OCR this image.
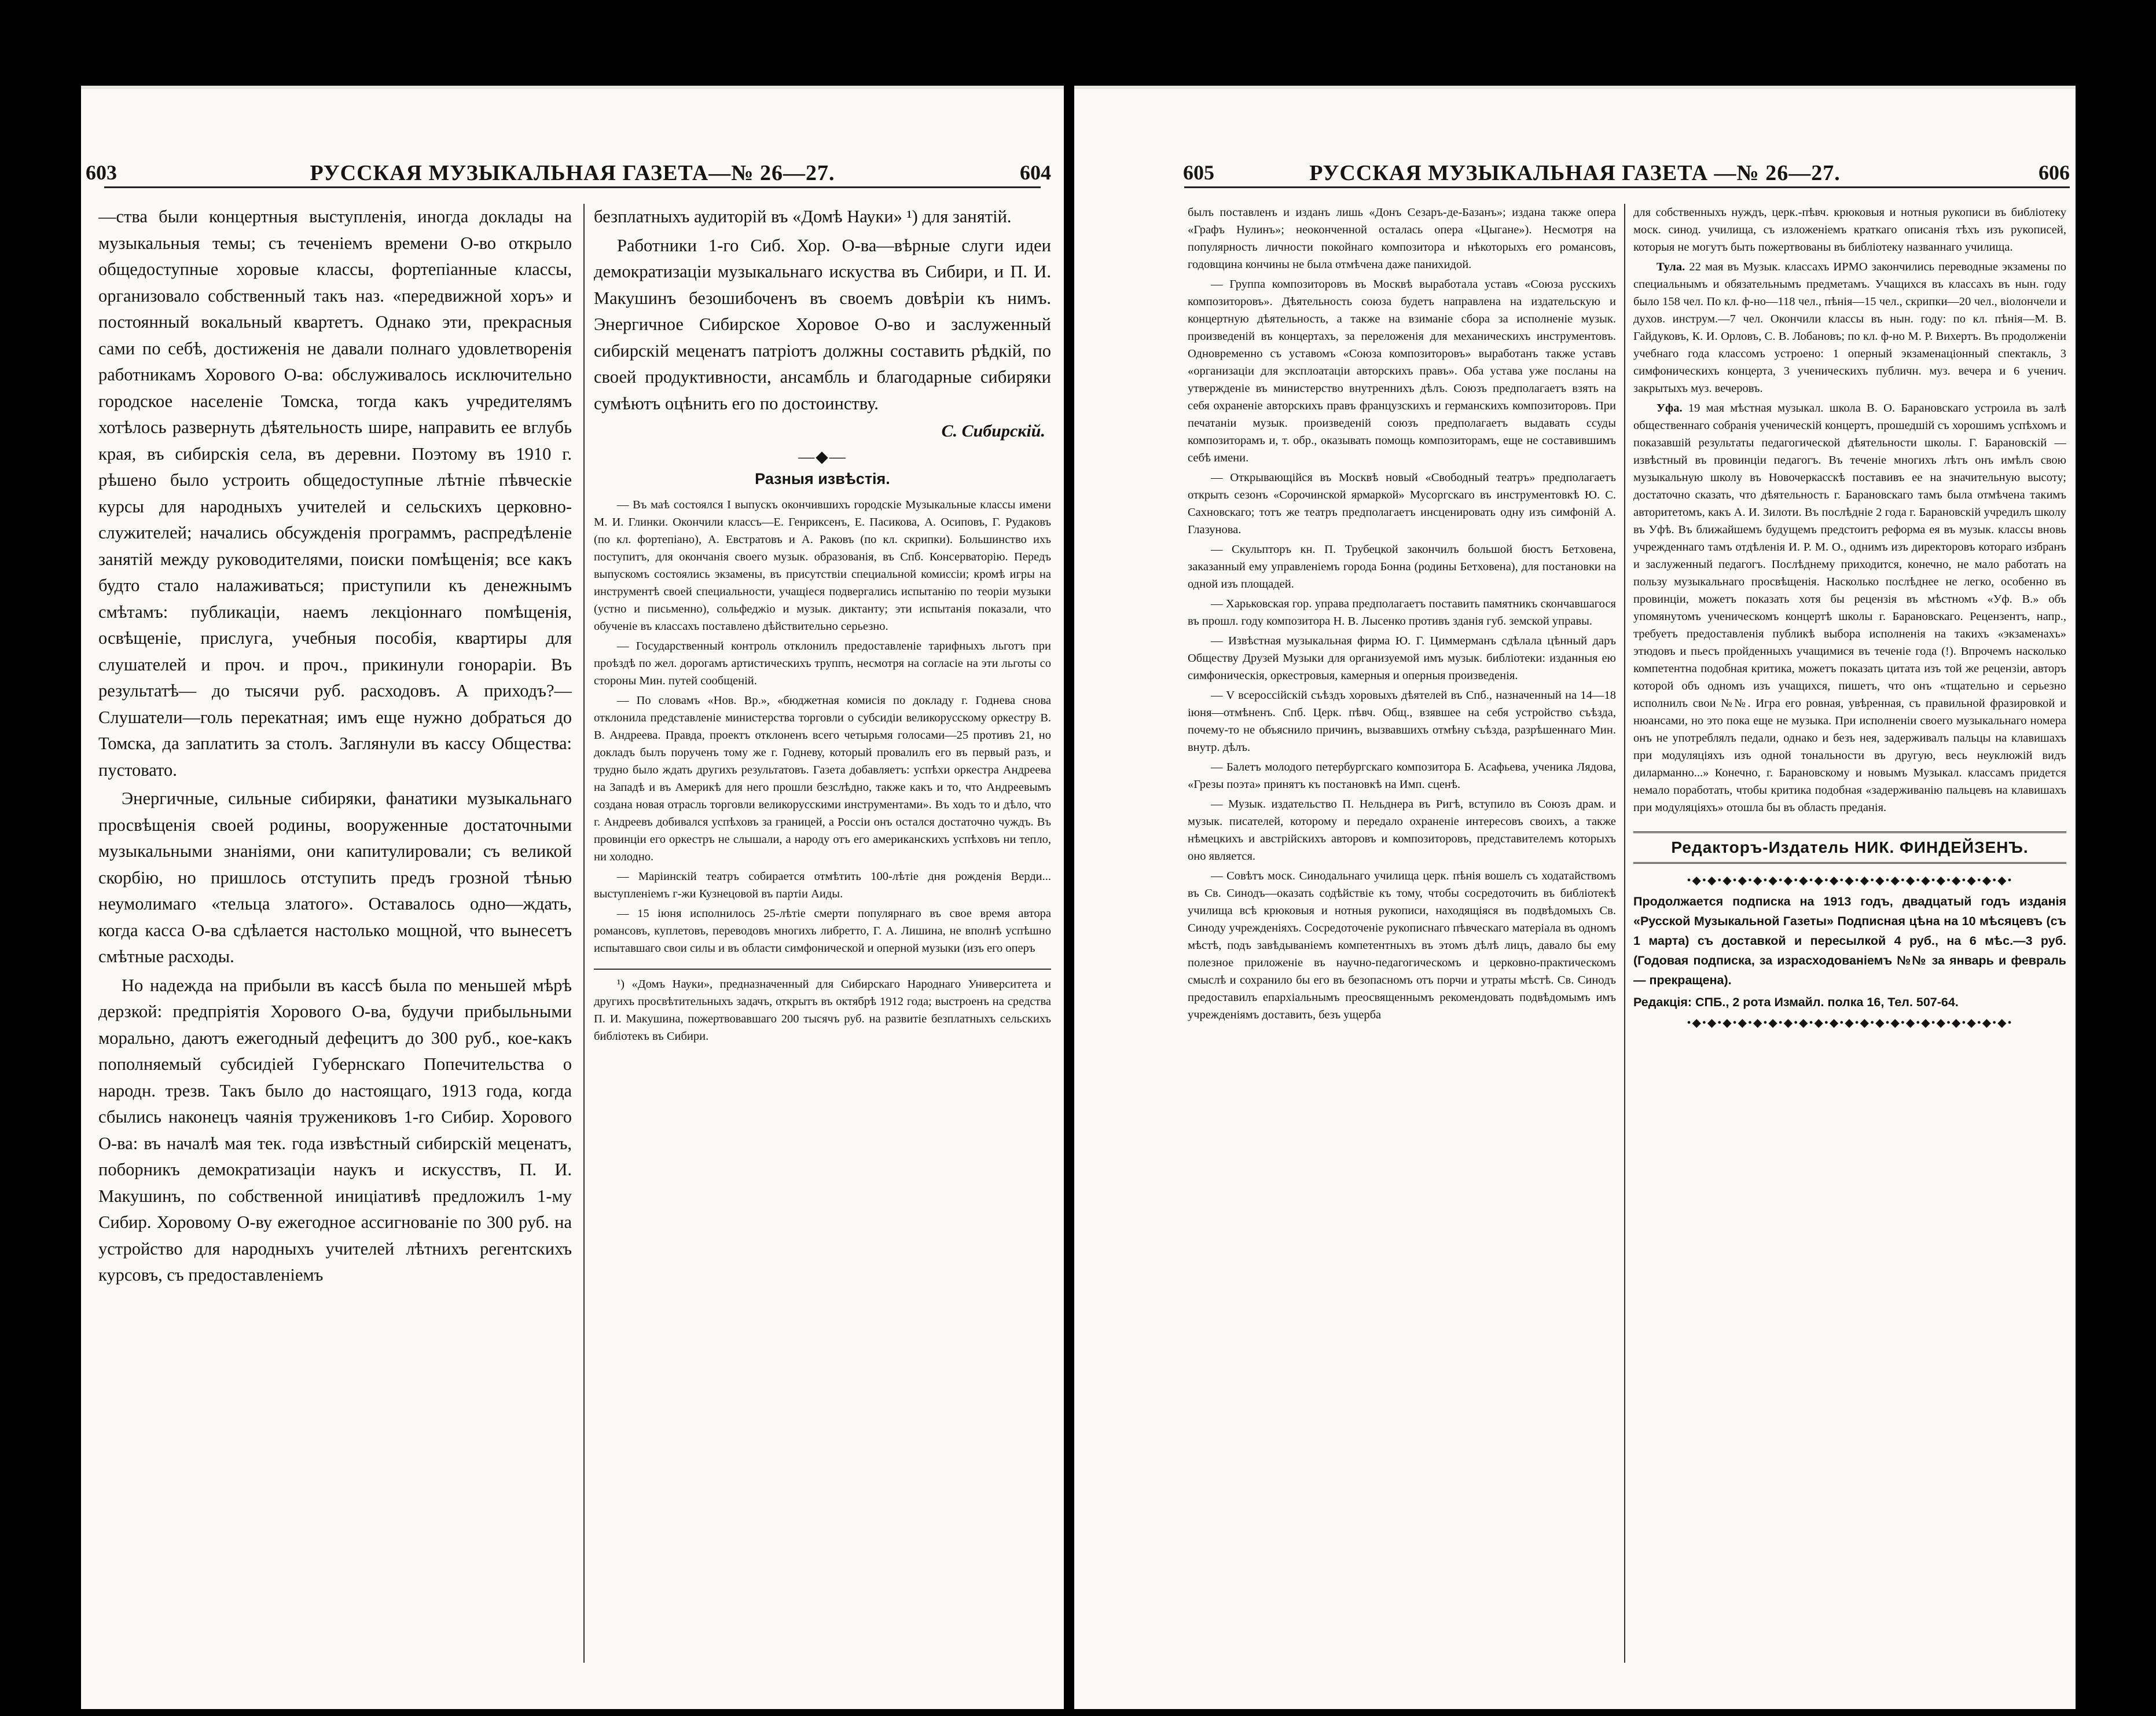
603	РУССКАЯ МУЗЫКАЛЬНАЯ ГАЗЕТА—№ 26—27.	604

—ства были концертныя выступленія, иногда доклады на музыкальныя темы; съ теченіемъ времени О-во открыло общедоступные хоровые классы, фортепіанные классы, организовало собственный такъ наз. «передвижной хоръ» и постоянный вокальный квартетъ. Однако эти, прекрасныя сами по себѣ, достиженія не давали полнаго удовлетворенія работникамъ Хорового О-ва: обслуживалось исключительно городское населеніе Томска, тогда какъ учредителямъ хотѣлось развернуть дѣятельность шире, направить ее вглубь края, въ сибирскія села, въ деревни. Поэтому въ 1910 г. рѣшено было устроить общедоступные лѣтніе пѣвческіе курсы для народныхъ учителей и сельскихъ церковно-служителей; начались обсужденія программъ, распредѣленіе занятій между руководителями, поиски помѣщенія; все какъ будто стало налаживаться; приступили къ денежнымъ смѣтамъ: публикаціи, наемъ лекціоннаго помѣщенія, освѣщеніе, прислуга, учебныя пособія, квартиры для слушателей и проч. и проч., прикинули гонораріи. Въ результатѣ— до тысячи руб. расходовъ. А приходъ?— Слушатели—голь перекатная; имъ еще нужно добраться до Томска, да заплатить за столъ. Заглянули въ кассу Общества: пустовато.

Энергичные, сильные сибиряки, фанатики музыкальнаго просвѣщенія своей родины, вооруженные достаточными музыкальными знаніями, они капитулировали; съ великой скорбію, но пришлось отступить предъ грозной тѣнью неумолимаго «тельца златого». Оставалось одно—ждать, когда касса О-ва сдѣлается настолько мощной, что вынесетъ смѣтные расходы.

Но надежда на прибыли въ кассѣ была по меньшей мѣрѣ дерзкой: предпріятія Хорового О-ва, будучи прибыльными морально, даютъ ежегодный дефецитъ до 300 руб., кое-какъ пополняемый субсидіей Губернскаго Попечительства о народн. трезв. Такъ было до настоящаго, 1913 года, когда сбылись наконецъ чаянія тружениковъ 1-го Сибир. Хорового О-ва: въ началѣ мая тек. года извѣстный сибирскій меценатъ, поборникъ демократизаціи наукъ и искусствъ, П. И. Макушинъ, по собственной иниціативѣ предложилъ 1-му Сибир. Хоровому О-ву ежегодное ассигнованіе по 300 руб. на устройство для народныхъ учителей лѣтнихъ регентскихъ курсовъ, съ предоставленіемъ

безплатныхъ аудиторій въ «Домѣ Науки» ¹) для занятій.

Работники 1-го Сиб. Хор. О-ва—вѣрные слуги идеи демократизаціи музыкальнаго искуства въ Сибири, и П. И. Макушинъ безошибоченъ въ своемъ довѣріи къ нимъ. Энергичное Сибирское Хоровое О-во и заслуженный сибирскій меценатъ патріотъ должны составить рѣдкій, по своей продуктивности, ансамбль и благодарные сибиряки сумѣютъ оцѣнить его по достоинству.

С. Сибирскій.
—◆—
Разныя извѣстія.

— Въ маѣ состоялся I выпускъ окончившихъ городскіе Музыкальные классы имени М. И. Глинки. Окончили классъ—Е. Генриксенъ, Е. Пасикова, А. Осиповъ, Г. Рудаковъ (по кл. фортепіано), А. Евстратовъ и А. Раковъ (по кл. скрипки). Большинство ихъ поступитъ, для окончанія своего музык. образованія, въ Спб. Консерваторію. Передъ выпускомъ состоялись экзамены, въ присутствіи специальной комиссіи; кромѣ игры на инструментѣ своей специальности, учащіеся подвергались испытанію по теоріи музыки (устно и письменно), сольфеджіо и музык. диктанту; эти испытанія показали, что обученіе въ классахъ поставлено дѣйствительно серьезно.

— Государственный контроль отклонилъ предоставленіе тарифныхъ льготъ при проѣздѣ по жел. дорогамъ артистическихъ труппъ, несмотря на согласіе на эти льготы со стороны Мин. путей сообщеній.

— По словамъ «Нов. Вр.», «бюджетная комисія по докладу г. Годнева снова отклонила представленіе министерства торговли о субсидіи великорусскому оркестру В. В. Андреева. Правда, проектъ отклоненъ всего четырьмя голосами—25 противъ 21, но докладъ былъ порученъ тому же г. Годневу, который провалилъ его въ первый разъ, и трудно было ждать другихъ результатовъ. Газета добавляетъ: успѣхи оркестра Андреева на Западѣ и въ Америкѣ для него прошли безслѣдно, также какъ и то, что Андреевымъ создана новая отрасль торговли великорусскими инструментами». Въ ходъ то и дѣло, что г. Андреевъ добивался успѣховъ за границей, а Россіи онъ остался достаточно чуждъ. Въ провинціи его оркестръ не слышали, а народу отъ его американскихъ успѣховъ ни тепло, ни холодно.

— Маріинскій театръ собирается отмѣтить 100-лѣтіе дня рожденія Верди... выступленіемъ г-жи Кузнецовой въ партіи Аиды.

— 15 іюня исполнилось 25-лѣтіе смерти популярнаго въ свое время автора романсовъ, куплетовъ, переводовъ многихъ либретто, Г. А. Лишина, не вполнѣ успѣшно испытавшаго свои силы и въ области симфонической и оперной музыки (изъ его оперъ

¹) «Домъ Науки», предназначенный для Сибирскаго Народнаго Университета и другихъ просвѣтительныхъ задачъ, открытъ въ октябрѣ 1912 года; выстроенъ на средства П. И. Макушина, пожертвовавшаго 200 тысячъ руб. на развитіе безплатныхъ сельскихъ библіотекъ въ Сибири.

605	РУССКАЯ МУЗЫКАЛЬНАЯ ГАЗЕТА —№ 26—27.	606

былъ поставленъ и изданъ лишь «Донъ Сезаръ-де-Базанъ»; издана также опера «Графъ Нулинъ»; неоконченной осталась опера «Цыгане»). Несмотря на популярность личности покойнаго композитора и нѣкоторыхъ его романсовъ, годовщина кончины не была отмѣчена даже панихидой.

— Группа композиторовъ въ Москвѣ выработала уставъ «Союза русскихъ композиторовъ». Дѣятельность союза будетъ направлена на издательскую и концертную дѣятельность, а также на взиманіе сбора за исполненіе музык. произведеній въ концертахъ, за переложенія для механическихъ инструментовъ. Одновременно съ уставомъ «Союза композиторовъ» выработанъ также уставъ «организаціи для эксплоатаціи авторскихъ правъ». Оба устава уже посланы на утвержденіе въ министерство внутреннихъ дѣлъ. Союзъ предполагаетъ взять на себя охраненіе авторскихъ правъ французскихъ и германскихъ композиторовъ. При печатаніи музык. произведеній союзъ предполагаетъ выдавать ссуды композиторамъ и, т. обр., оказывать помощь композиторамъ, еще не составившимъ себѣ имени.

— Открывающійся въ Москвѣ новый «Свободный театръ» предполагаетъ открыть сезонъ «Сорочинской ярмаркой» Мусоргскаго въ инструментовкѣ Ю. С. Сахновскаго; тотъ же театръ предполагаетъ инсценировать одну изъ симфоній А. Глазунова.

— Скульпторъ кн. П. Трубецкой закончилъ большой бюстъ Бетховена, заказанный ему управленіемъ города Бонна (родины Бетховена), для постановки на одной изъ площадей.

— Харьковская гор. управа предполагаетъ поставить памятникъ скончавшагося въ прошл. году композитора Н. В. Лысенко противъ зданія губ. земской управы.

— Извѣстная музыкальная фирма Ю. Г. Циммерманъ сдѣлала цѣнный даръ Обществу Друзей Музыки для организуемой имъ музык. библіотеки: изданныя ею симфоническія, оркестровыя, камерныя и оперныя произведенія.

— V всероссійскій съѣздъ хоровыхъ дѣятелей въ Спб., назначенный на 14—18 іюня—отмѣненъ. Спб. Церк. пѣвч. Общ., взявшее на себя устройство съѣзда, почему-то не объяснило причинъ, вызвавшихъ отмѣну съѣзда, разрѣшеннаго Мин. внутр. дѣлъ.

— Балетъ молодого петербургскаго композитора Б. Асафьева, ученика Лядова, «Грезы поэта» принятъ къ постановкѣ на Имп. сценѣ.

— Музык. издательство П. Нельднера въ Ригѣ, вступило въ Союзъ драм. и музык. писателей, которому и передало охраненіе интересовъ своихъ, а также нѣмецкихъ и австрійскихъ авторовъ и композиторовъ, представителемъ которыхъ оно является.

— Совѣтъ моск. Синодальнаго училища церк. пѣнія вошелъ съ ходатайствомъ въ Св. Синодъ—оказать содѣйствіе къ тому, чтобы сосредоточить въ библіотекѣ училища всѣ крюковыя и нотныя рукописи, находящіяся въ подвѣдомыхъ Св. Синоду учрежденіяхъ. Сосредоточеніе рукописнаго пѣвческаго матеріала въ одномъ мѣстѣ, подъ завѣдываніемъ компетентныхъ въ этомъ дѣлѣ лицъ, давало бы ему полезное приложеніе въ научно-педагогическомъ и церковно-практическомъ смыслѣ и сохранило бы его въ безопасномъ отъ порчи и утраты мѣстѣ. Св. Синодъ предоставилъ епархіальнымъ преосвященнымъ рекомендовать подвѣдомымъ имъ учрежденіямъ доставить, безъ ущерба

для собственныхъ нуждъ, церк.-пѣвч. крюковыя и нотныя рукописи въ библіотеку моск. синод. училища, съ изложеніемъ краткаго описанія тѣхъ изъ рукописей, которыя не могутъ быть пожертвованы въ библіотеку названнаго училища.

Тула. 22 мая въ Музык. классахъ ИРМО закончились переводные экзамены по специальнымъ и обязательнымъ предметамъ. Учащихся въ классахъ въ нын. году было 158 чел. По кл. ф-но—118 чел., пѣнія—15 чел., скрипки—20 чел., віолончели и духов. инструм.—7 чел. Окончили классы въ нын. году: по кл. пѣнія—М. В. Гайдуковъ, К. И. Орловъ, С. В. Лобановъ; по кл. ф-но М. Р. Вихертъ. Въ продолженіи учебнаго года классомъ устроено: 1 оперный экзаменаціонный спектакль, 3 симфоническихъ концерта, 3 ученическихъ публичн. муз. вечера и 6 ученич. закрытыхъ муз. вечеровъ.

Уфа. 19 мая мѣстная музыкал. школа В. О. Барановскаго устроила въ залѣ общественнаго собранія ученическій концертъ, прошедшій съ хорошимъ успѣхомъ и показавшій результаты педагогической дѣятельности школы. Г. Барановскій — извѣстный въ провинціи педагогъ. Въ теченіе многихъ лѣтъ онъ имѣлъ свою музыкальную школу въ Новочеркасскѣ поставивъ ее на значительную высоту; достаточно сказать, что дѣятельность г. Барановскаго тамъ была отмѣчена такимъ авторитетомъ, какъ А. И. Зилоти. Въ послѣдніе 2 года г. Барановскій учредилъ школу въ Уфѣ. Въ ближайшемъ будущемъ предстоитъ реформа ея въ музык. классы вновь учрежденнаго тамъ отдѣленія И. Р. М. О., однимъ изъ директоровъ котораго избранъ и заслуженный педагогъ. Послѣднему приходится, конечно, не мало работать на пользу музыкальнаго просвѣщенія. Насколько послѣднее не легко, особенно въ провинціи, можетъ показать хотя бы рецензія въ мѣстномъ «Уф. В.» объ упомянутомъ ученическомъ концертѣ школы г. Барановскаго. Рецензентъ, напр., требуетъ предоставленія публикѣ выбора исполненія на такихъ «экзаменахъ» этюдовъ и пьесъ пройденныхъ учащимися въ теченіе года (!). Впрочемъ насколько компетентна подобная критика, можетъ показать цитата изъ той же рецензіи, авторъ которой объ одномъ изъ учащихся, пишетъ, что онъ «тщательно и серьезно исполнилъ свои №№. Игра его ровная, увѣренная, съ правильной фразировкой и нюансами, но это пока еще не музыка. При исполненіи своего музыкальнаго номера онъ не употреблялъ педали, однако и безъ нея, задерживалъ пальцы на клавишахъ при модуляціяхъ изъ одной тональности въ другую, весь неуклюжій видъ диларманно...» Конечно, г. Барановскому и новымъ Музыкал. классамъ придется немало поработать, чтобы критика подобная «задерживанію пальцевъ на клавишахъ при модуляціяхъ» отошла бы въ область преданія.

Редакторъ-Издатель НИК. ФИНДЕЙЗЕНЪ.
•◆•◆•◆•◆•◆•◆•◆•◆•◆•◆•◆•◆•◆•◆•◆•◆•◆•◆•◆•◆•◆•
Продолжается подписка на 1913 годъ, двадцатый годъ изданія «Русской Музыкальной Газеты» Подписная цѣна на 10 мѣсяцевъ (съ 1 марта) съ доставкой и пересылкой 4 руб., на 6 мѣс.—3 руб. (Годовая подписка, за израсходованіемъ №№ за январь и февраль — прекращена).
Редакція: СПБ., 2 рота Измайл. полка 16, Тел. 507-64.
•◆•◆•◆•◆•◆•◆•◆•◆•◆•◆•◆•◆•◆•◆•◆•◆•◆•◆•◆•◆•◆•
